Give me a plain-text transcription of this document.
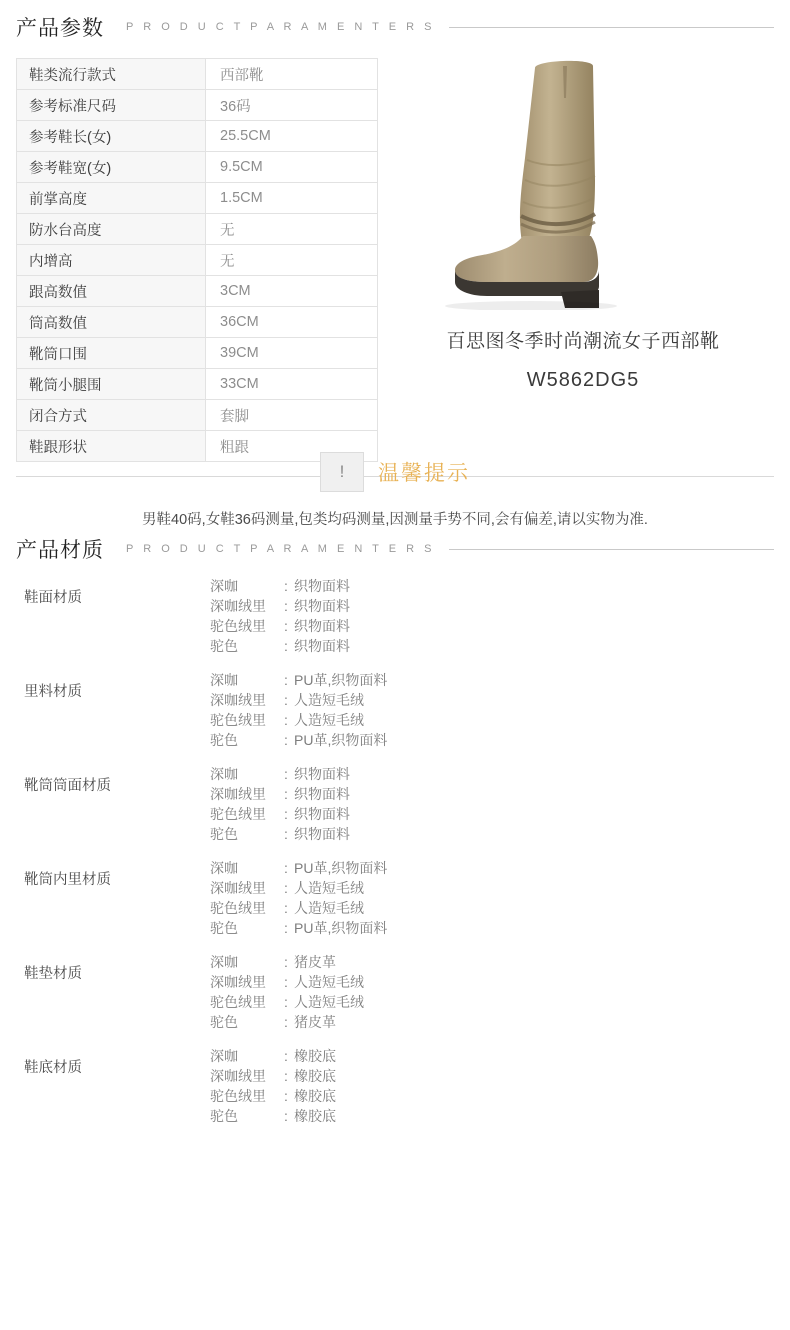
产品参数 P R O D U C T P A R A M E N T E R S
鞋类流行款式	西部靴
参考标准尺码	36码
参考鞋长(女)	25.5CM
参考鞋宽(女)	9.5CM
前掌高度	1.5CM
防水台高度	无
内增高	无
跟高数值	3CM
筒高数值	36CM
靴筒口围	39CM
靴筒小腿围	33CM
闭合方式	套脚
鞋跟形状	粗跟
百思图冬季时尚潮流女子西部靴
W5862DG5
!	温馨提示
男鞋40码,女鞋36码测量,包类均码测量,因测量手势不同,会有偏差,请以实物为准.
产品材质 P R O D U C T P A R A M E N T E R S
鞋面材质
深咖	: 织物面料
深咖绒里	: 织物面料
驼色绒里	: 织物面料
驼色	: 织物面料
里料材质
深咖	: PU革,织物面料
深咖绒里	: 人造短毛绒
驼色绒里	: 人造短毛绒
驼色	: PU革,织物面料
靴筒筒面材质
深咖	: 织物面料
深咖绒里	: 织物面料
驼色绒里	: 织物面料
驼色	: 织物面料
靴筒内里材质
深咖	: PU革,织物面料
深咖绒里	: 人造短毛绒
驼色绒里	: 人造短毛绒
驼色	: PU革,织物面料
鞋垫材质
深咖	: 猪皮革
深咖绒里	: 人造短毛绒
驼色绒里	: 人造短毛绒
驼色	: 猪皮革
鞋底材质
深咖	: 橡胶底
深咖绒里	: 橡胶底
驼色绒里	: 橡胶底
驼色	: 橡胶底
